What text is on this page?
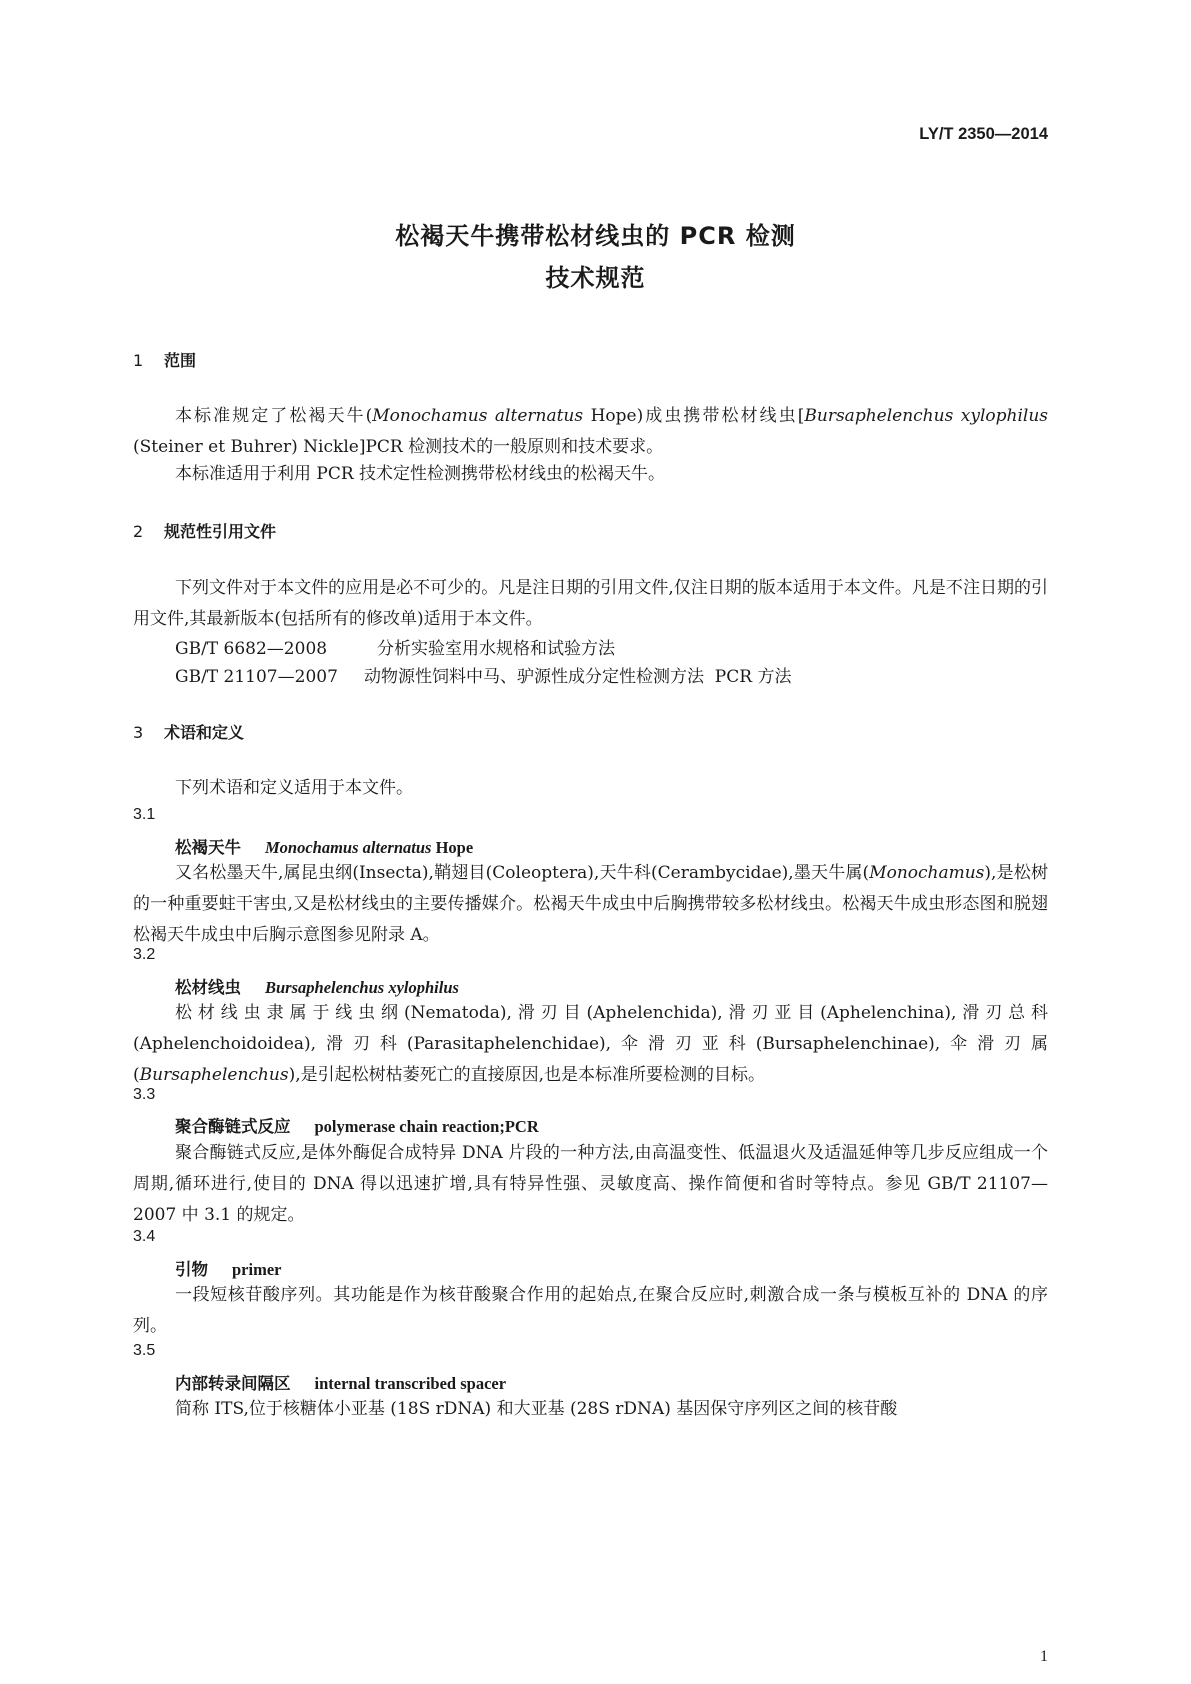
LY/T 2350—2014
松褐天牛携带松材线虫的 PCR 检测
技术规范
1 范围
本标准规定了松褐天牛(Monochamus alternatus Hope)成虫携带松材线虫[Bursaphelenchus xylophilus (Steiner et Buhrer) Nickle]PCR 检测技术的一般原则和技术要求。
本标准适用于利用 PCR 技术定性检测携带松材线虫的松褐天牛。
2 规范性引用文件
下列文件对于本文件的应用是必不可少的。凡是注日期的引用文件,仅注日期的版本适用于本文件。凡是不注日期的引用文件,其最新版本(包括所有的修改单)适用于本文件。
GB/T 6682—2008	分析实验室用水规格和试验方法
GB/T 21107—2007 动物源性饲料中马、驴源性成分定性检测方法  PCR 方法
3 术语和定义
下列术语和定义适用于本文件。
3.1
松褐天牛 Monochamus alternatus Hope
又名松墨天牛,属昆虫纲(Insecta),鞘翅目(Coleoptera),天牛科(Cerambycidae),墨天牛属(Monochamus),是松树的一种重要蛀干害虫,又是松材线虫的主要传播媒介。松褐天牛成虫中后胸携带较多松材线虫。松褐天牛成虫形态图和脱翅松褐天牛成虫中后胸示意图参见附录 A。
3.2
松材线虫 Bursaphelenchus xylophilus
松材线虫隶属于线虫纲(Nematoda),滑刃目(Aphelenchida),滑刃亚目(Aphelenchina),滑刃总科(Aphelenchoidoidea),滑刃科(Parasitaphelenchidae),伞滑刃亚科(Bursaphelenchinae),伞滑刃属(Bursaphelenchus),是引起松树枯萎死亡的直接原因,也是本标准所要检测的目标。
3.3
聚合酶链式反应 polymerase chain reaction;PCR
聚合酶链式反应,是体外酶促合成特异 DNA 片段的一种方法,由高温变性、低温退火及适温延伸等几步反应组成一个周期,循环进行,使目的 DNA 得以迅速扩增,具有特异性强、灵敏度高、操作简便和省时等特点。参见 GB/T 21107—2007 中 3.1 的规定。
3.4
引物 primer
一段短核苷酸序列。其功能是作为核苷酸聚合作用的起始点,在聚合反应时,刺激合成一条与模板互补的 DNA 的序列。
3.5
内部转录间隔区 internal transcribed spacer
简称 ITS,位于核糖体小亚基 (18S rDNA) 和大亚基 (28S rDNA) 基因保守序列区之间的核苷酸
1
